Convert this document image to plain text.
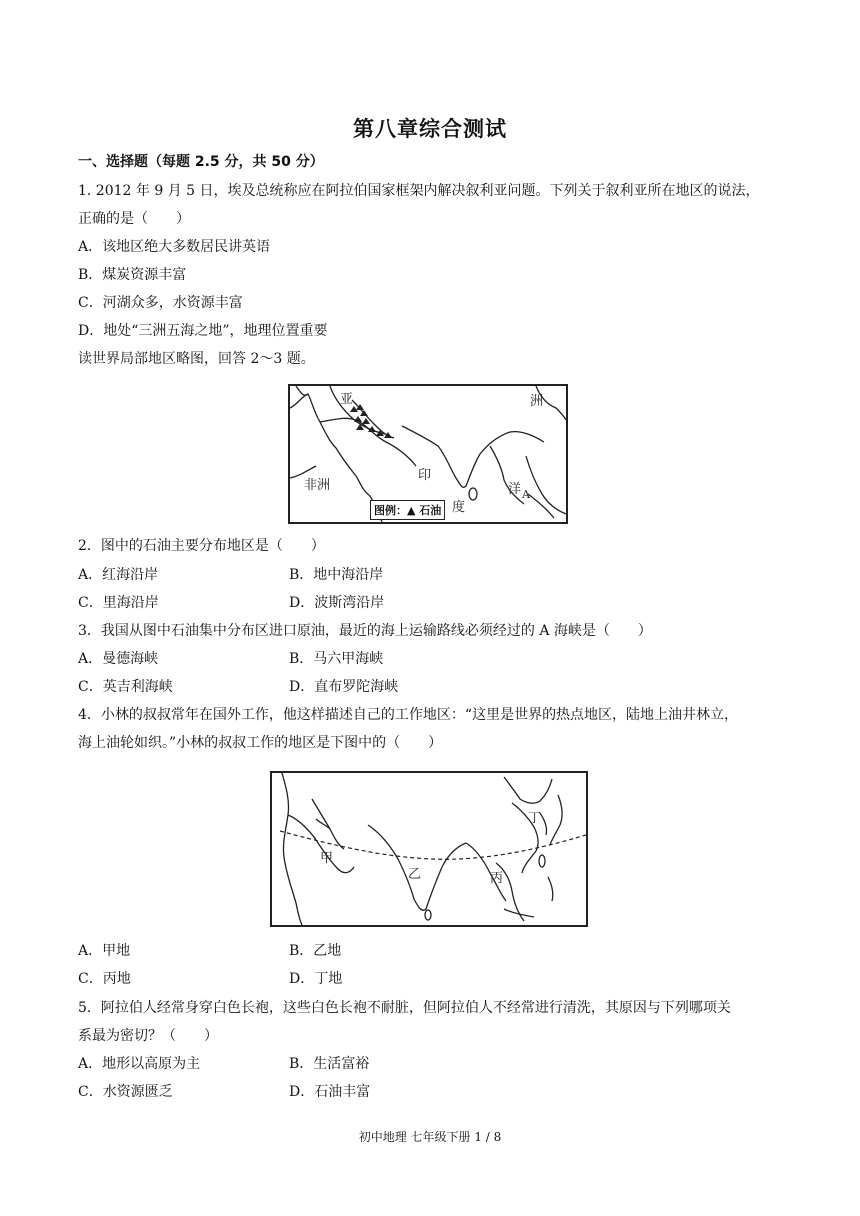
第八章综合测试
一、选择题（每题 2.5 分，共 50 分）
1. 2012 年 9 月 5 日，埃及总统称应在阿拉伯国家框架内解决叙利亚问题。下列关于叙利亚所在地区的说法，
正确的是（　　）
A．该地区绝大多数居民讲英语
B．煤炭资源丰富
C．河湖众多，水资源丰富
D．地处“三洲五海之地”，地理位置重要
读世界局部地区略图，回答 2～3 题。
亚	洲
非洲
印
度
洋 A
图例：▲ 石油
2．图中的石油主要分布地区是（　　）
A．红海沿岸	B．地中海沿岸
C．里海沿岸	D．波斯湾沿岸
3．我国从图中石油集中分布区进口原油，最近的海上运输路线必须经过的 A 海峡是（　　）
A．曼德海峡	B．马六甲海峡
C．英吉利海峡	D．直布罗陀海峡
4．小林的叔叔常年在国外工作，他这样描述自己的工作地区：“这里是世界的热点地区，陆地上油井林立，
海上油轮如织。”小林的叔叔工作的地区是下图中的（　　）
甲
乙	丙
丁
A．甲地	B．乙地
C．丙地	D．丁地
5．阿拉伯人经常身穿白色长袍，这些白色长袍不耐脏，但阿拉伯人不经常进行清洗，其原因与下列哪项关
系最为密切？（　　）
A．地形以高原为主	B．生活富裕
C．水资源匮乏	D．石油丰富
初中地理 七年级下册 1 / 8
